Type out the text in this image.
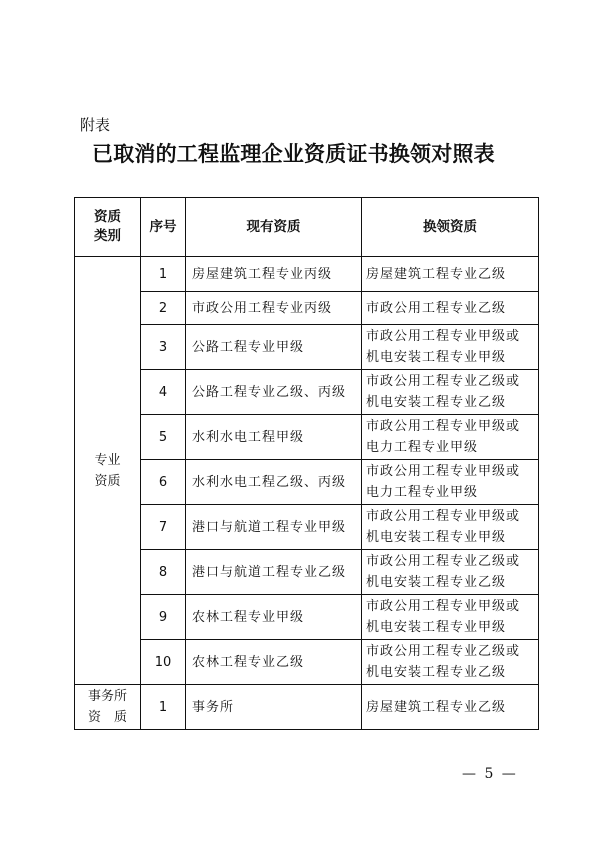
附表
已取消的工程监理企业资质证书换领对照表
资质
类别	序号	现有资质	换领资质
专业
资质	1	房屋建筑工程专业丙级	房屋建筑工程专业乙级
	2	市政公用工程专业丙级	市政公用工程专业乙级
	3	公路工程专业甲级	市政公用工程专业甲级或
机电安装工程专业甲级
	4	公路工程专业乙级、丙级	市政公用工程专业乙级或
机电安装工程专业乙级
	5	水利水电工程甲级	市政公用工程专业甲级或
电力工程专业甲级
	6	水利水电工程乙级、丙级	市政公用工程专业甲级或
电力工程专业甲级
	7	港口与航道工程专业甲级	市政公用工程专业甲级或
机电安装工程专业甲级
	8	港口与航道工程专业乙级	市政公用工程专业乙级或
机电安装工程专业乙级
	9	农林工程专业甲级	市政公用工程专业甲级或
机电安装工程专业甲级
	10	农林工程专业乙级	市政公用工程专业乙级或
机电安装工程专业乙级
事务所
资　质	1	事务所	房屋建筑工程专业乙级
— 5 —
